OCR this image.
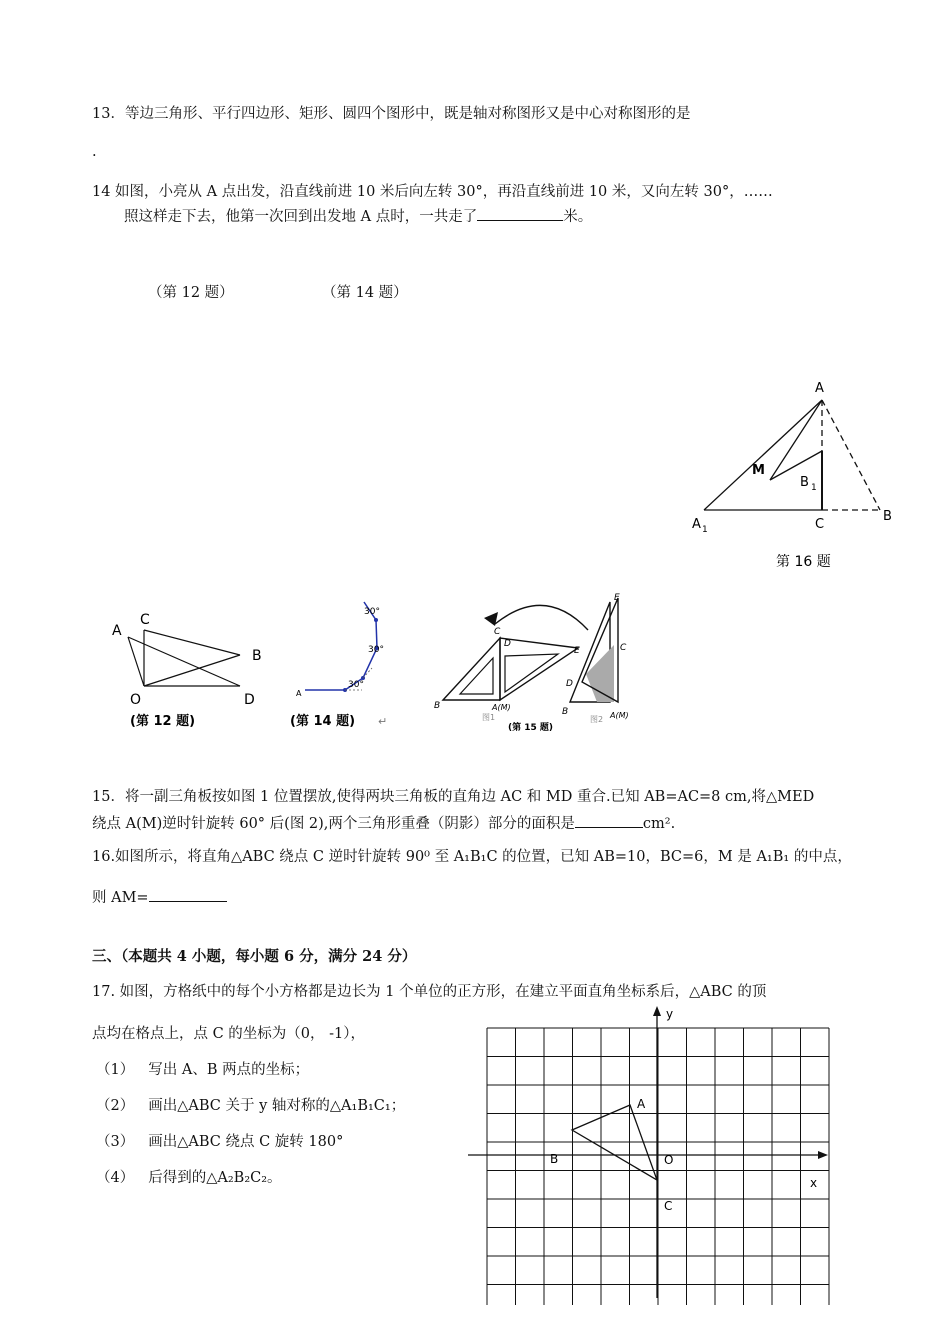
13．等边三角形、平行四边形、矩形、圆四个图形中，既是轴对称图形又是中心对称图形的是
.
14 如图，小亮从 A 点出发，沿直线前进 10 米后向左转 30°，再沿直线前进 10 米，又向左转 30°，……
照这样走下去，他第一次回到出发地 A 点时，一共走了	米。
（第 12 题）	（第 14 题）
A
M
B 1
A 1	C
B
第 16 题
A
C
B
O	D
(第 12 题)
A
30°
30°
30°
(第 14 题) ↵
C
D
E
B	A(M)
图1
(第 15 题)
E
C
D
B	A(M)
图2
15．将一副三角板按如图 1 位置摆放,使得两块三角板的直角边 AC 和 MD 重合.已知 AB=AC=8 cm,将△MED
绕点 A(M)逆时针旋转 60° 后(图 2),两个三角形重叠（阴影）部分的面积是	cm².
16.如图所示，将直角△ABC 绕点 C 逆时针旋转 90⁰ 至 A₁B₁C 的位置，已知 AB=10，BC=6，M 是 A₁B₁ 的中点，
则 AM=
三、（本题共 4 小题，每小题 6 分，满分 24 分）
17. 如图，方格纸中的每个小方格都是边长为 1 个单位的正方形，在建立平面直角坐标系后，△ABC 的顶
点均在格点上，点 C 的坐标为（0， -1），
（1） 写出 A、B 两点的坐标；
（2） 画出△ABC 关于 y 轴对称的△A₁B₁C₁；
（3） 画出△ABC 绕点 C 旋转 180°
（4） 后得到的△A₂B₂C₂。
y
x
A
B	O
C
